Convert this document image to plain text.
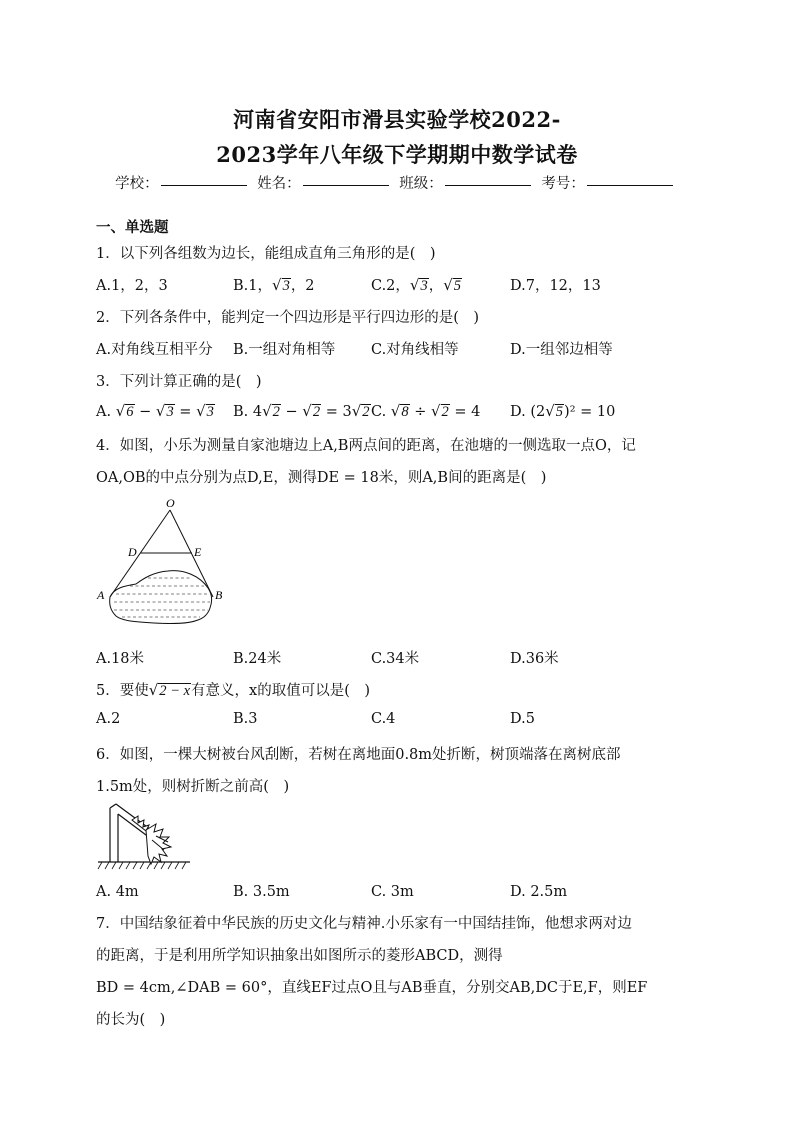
河南省安阳市滑县实验学校2022-
2023学年八年级下学期期中数学试卷
学校：	姓名：	班级：	考号：
一、单选题
1．以下列各组数为边长，能组成直角三角形的是( )
A.1，2，3	B.1， √ 3，2	C.2， √ 3， √ 5	D.7，12，13
2．下列各条件中，能判定一个四边形是平行四边形的是( )
A.对角线互相平分 B.一组对角相等 C.对角线相等	D.一组邻边相等
3．下列计算正确的是( )
A. √ 6 − √ 3 = √ 3 B. 4 √ 2 − √ 2 = 3 √ 2 C. √ 8 ÷ √ 2 = 4 D. (2 √ 5)² = 10
4．如图，小乐为测量自家池塘边上A,B两点间的距离，在池塘的一侧选取一点O，记
OA,OB的中点分别为点D,E，测得DE = 18米，则A,B间的距离是( )
O
D	E
A	B
A.18米	B.24米	C.34米	D.36米
5．要使 √ 2 − x有意义，x的取值可以是( )
A.2	B.3	C.4	D.5
6．如图，一棵大树被台风刮断，若树在离地面0.8m处折断，树顶端落在离树底部
1.5m处，则树折断之前高( )
A. 4m	B. 3.5m	C. 3m	D. 2.5m
7．中国结象征着中华民族的历史文化与精神.小乐家有一中国结挂饰，他想求两对边
的距离，于是利用所学知识抽象出如图所示的菱形ABCD，测得
BD = 4cm,∠DAB = 60°，直线EF过点O且与AB垂直，分别交AB,DC于E,F，则EF
的长为( )
